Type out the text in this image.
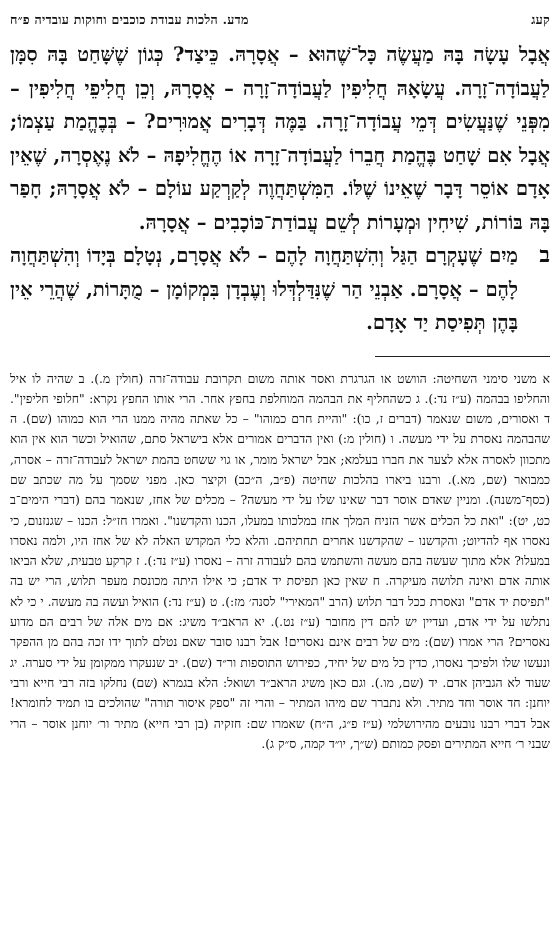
קעג
מדע. הלכות עבודת כוכבים וחוקות עובדיה פ״ח

אֲבָל עָשָׂה בָּהּ מַעֲשֶׂה כָּל־שֶׁהוּא – אֲסָרָהּ. כֵּיצַד? כְּגוֹן שֶׁשָּׁחַט בָּהּ סִמָּן לַעֲבוֹדָה־זָרָה. עֲשָׂאָהּ חֲלִיפִין לַעֲבוֹדָה־זָרָה – אֲסָרָהּ, וְכֵן חֲלִיפֵי חֲלִיפִין – מִפְּנֵי שֶׁנַּעֲשִׂים דְּמֵי עֲבוֹדָה־זָרָה. בַּמֶּה דְּבָרִים אֲמוּרִים? – בְּבֶהֱמַת עַצְמוֹ; אֲבָל אִם שָׁחַט בֶּהֱמַת חֲבֵרוֹ לַעֲבוֹדָה־זָרָה אוֹ הֶחֱלִיפָהּ – לֹא נֶאֶסְרָה, שֶׁאֵין אָדָם אוֹסֵר דָּבָר שֶׁאֵינוֹ שֶׁלּוֹ. הַמִּשְׁתַּחֲוֶה לְקַרְקַע עוֹלָם – לֹא אֲסָרָהּ; חָפַר בָּהּ בּוֹרוֹת, שִׁיחִין וּמְעָרוֹת לְשֵׁם עֲבוֹדַת־כּוֹכָבִים – אֲסָרָהּ.

ב

מַיִם שֶׁעָקְרָם הַגַּל וְהִשְׁתַּחֲוָה לָהֶם – לֹא אֲסָרָם, נְטָלָם בְּיָדוֹ וְהִשְׁתַּחֲוָה לָהֶם – אֲסָרָם. אַבְנֵי הַר שֶׁנִּדַּלְדְּלוּ וְעֶבְדָן בִּמְקוֹמָן – מֻתָּרוֹת, שֶׁהֲרֵי אֵין בָּהֶן תְּפִיסַת יַד אָדָם.

א משני סימני השחיטה: הוושט או הגרגרת ואסר אותה משום תקרובת עבודה־זרה (חולין מ.). ב שהיה לו איל והחליפו בבהמה (ע״ז נד:). ג כשהחליף את הבהמה המוחלפת בחפץ אחר. הרי אותו החפץ נקרא: "חלופי חליפין". ד ואסורים, משום שנאמר (דברים ז, כו): "והיית חרם כמוהו" – כל שאתה מהיה ממנו הרי הוא כמוהו (שם). ה שהבהמה נאסרת על ידי מעשה. ו (חולין מ:) ואין הדברים אמורים אלא בישראל סתם, שהואיל וכשר הוא אין הוא מתכוון לאסרה אלא לצער את חברו בעלמא; אבל ישראל מומר, או גוי ששחט בהמת ישראל לעבודה־זרה – אסרה, כמבואר (שם, מא.). ורבנו ביארו בהלכות שחיטה (פ״ב, ה״כב) וקיצר כאן. מפני שסמך על מה שכתב שם (כסף־משנה). ומניין שאדם אוסר דבר שאינו שלו על ידי מעשה? – מכלים של אחז, שנאמר בהם (דברי הימים־ב כט, יט): "ואת כל הכלים אשר הזניח המלך אחז במלכותו במעלו, הכנו והקדשנו". ואמרו חז״ל: הכנו – שגנזנום, כי נאסרו אף להדיוט; והקדשנו – שהקדשנו אחרים תחתיהם. והלא כלי המקדש האלה לא של אחז היו, ולמה נאסרו במעלו? אלא מתוך שעשה בהם מעשה והשתמש בהם לעבודה זרה – נאסרו (ע״ז נד:). ז קרקע טבעית, שלא הביאו אותה אדם ואינה תלושה מעיקרה. ח שאין כאן תפיסת יד אדם; כי אילו היתה מכונסת מעפר תלוש, הרי יש בה "תפיסת יד אדם" ונאסרת ככל דבר תלוש (הרב "המאירי" לסנה׳ מז:). ט (ע״ז נד:) הואיל ועשה בה מעשה. י כי לא נתלשו על ידי אדם, ועדיין יש להם דין מחובר (ע״ז נט.). יא הראב״ד משיג: אם מים אלה של רבים הם מדוע נאסרים? הרי אמרו (שם): מים של רבים אינם נאסרים! אבל רבנו סובר שאם נטלם לתוך ידו זכה בהם מן ההפקר ונעשו שלו ולפיכך נאסרו, כדין כל מים של יחיד, כפירוש התוספות ור״ד (שם). יב שנעקרו ממקומן על ידי סערה. יג שעוד לא הגביהן אדם. יד (שם, מו.). וגם כאן משיג הראב״ד ושואל: הלא בגמרא (שם) נחלקו בזה רבי חייא ורבי יוחנן: חד אוסר וחד מתיר. ולא נתברר שם מיהו המתיר – והרי זה "ספק איסור תורה" שהולכים בו תמיד לחומרא! אבל דברי רבנו נובעים מהירושלמי (ע״ז פ״ג, ה״ח) שאמרו שם: חזקיה (בן רבי חייא) מתיר ור׳ יוחנן אוסר – הרי שבני ר׳ חייא המתירים ופסק כמותם (ש״ך, יו״ד קמה, ס״ק ג).
